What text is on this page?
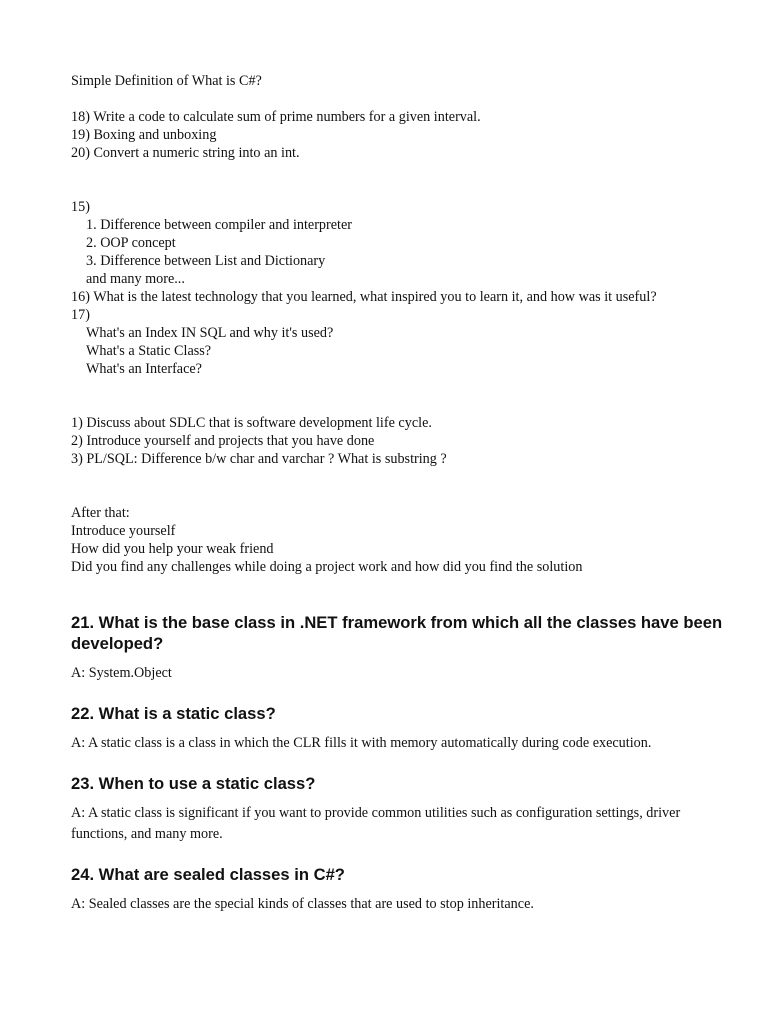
Simple Definition of What is C#?
18) Write a code to calculate sum of prime numbers for a given interval.
19) Boxing and unboxing
20) Convert a numeric string into an int.
15)
1. Difference between compiler and interpreter
2. OOP concept
3. Difference between List and Dictionary
and many more...
16) What is the latest technology that you learned, what inspired you to learn it, and how was it useful?
17)
What's an Index IN SQL and why it's used?
What's a Static Class?
What's an Interface?
1) Discuss about SDLC that is software development life cycle.
2) Introduce yourself and projects that you have done
3) PL/SQL: Difference b/w char and varchar ? What is substring ?
After that:
Introduce yourself
How did you help your weak friend
Did you find any challenges while doing a project work and how did you find the solution
21. What is the base class in .NET framework from which all the classes have been developed?
A: System.Object
22. What is a static class?
A: A static class is a class in which the CLR fills it with memory automatically during code execution.
23. When to use a static class?
A: A static class is significant if you want to provide common utilities such as configuration settings, driver functions, and many more.
24. What are sealed classes in C#?
A: Sealed classes are the special kinds of classes that are used to stop inheritance.
